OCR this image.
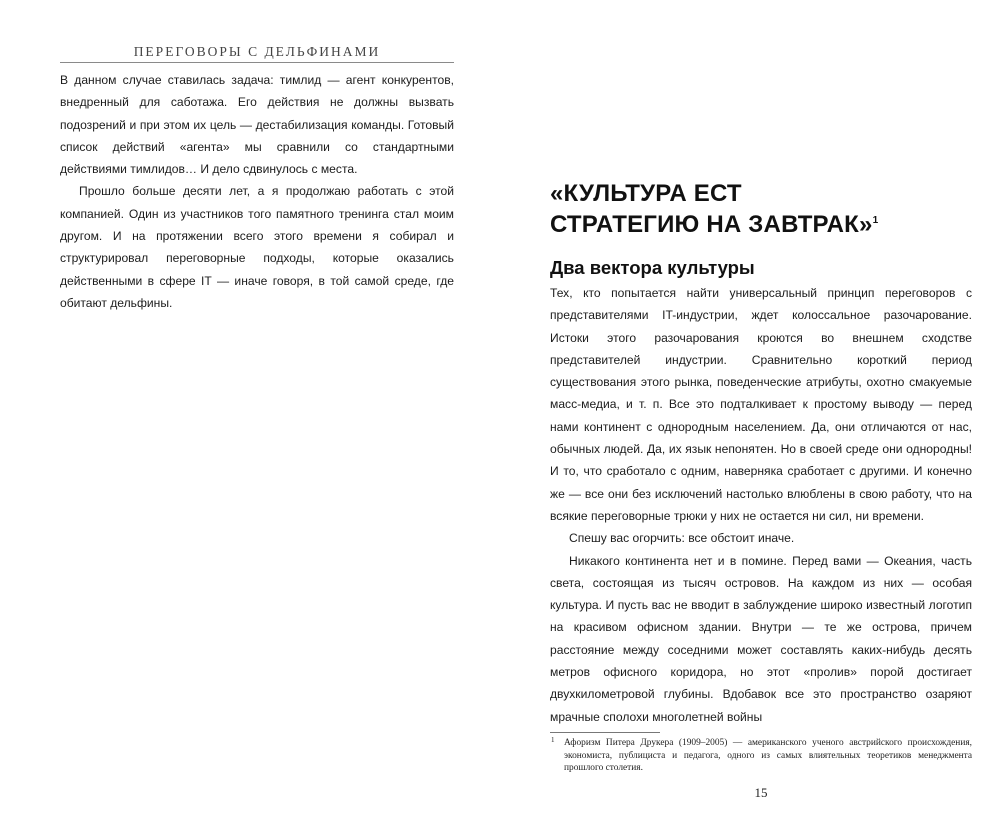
ПЕРЕГОВОРЫ С ДЕЛЬФИНАМИ

В данном случае ставилась задача: тимлид — агент конкурентов, внедренный для саботажа. Его действия не должны вызвать подозрений и при этом их цель — дестабилизация команды. Готовый список действий «агента» мы сравнили со стандартными действиями тимлидов… И дело сдвинулось с места.

Прошло больше десяти лет, а я продолжаю работать с этой компанией. Один из участников того памятного тренинга стал моим другом. И на протяжении всего этого времени я собирал и структурировал переговорные подходы, которые оказались действенными в сфере IT — иначе говоря, в той самой среде, где обитают дельфины.

«КУЛЬТУРА ЕСТ СТРАТЕГИЮ НА ЗАВТРАК»$^1$
Два вектора культуры

Тех, кто попытается найти универсальный принцип переговоров с представителями IT-индустрии, ждет колоссальное разочарование. Истоки этого разочарования кроются во внешнем сходстве представителей индустрии. Сравнительно короткий период существования этого рынка, поведенческие атрибуты, охотно смакуемые масс-медиа, и т. п. Все это подталкивает к простому выводу — перед нами континент с однородным населением. Да, они отличаются от нас, обычных людей. Да, их язык непонятен. Но в своей среде они однородны! И то, что сработало с одним, наверняка сработает с другими. И конечно же — все они без исключений настолько влюблены в свою работу, что на всякие переговорные трюки у них не остается ни сил, ни времени.

Спешу вас огорчить: все обстоит иначе.

Никакого континента нет и в помине. Перед вами — Океания, часть света, состоящая из тысяч островов. На каждом из них — особая культура. И пусть вас не вводит в заблуждение широко известный логотип на красивом офисном здании. Внутри — те же острова, причем расстояние между соседними может составлять каких-нибудь десять метров офисного коридора, но этот «пролив» порой достигает двухкилометровой глубины. Вдобавок все это пространство озаряют мрачные сполохи многолетней войны

1	Афоризм Питера Друкера (1909–2005) — американского ученого австрийского происхождения, экономиста, публициста и педагога, одного из самых влиятельных теоретиков менеджмента прошлого столетия.
15
